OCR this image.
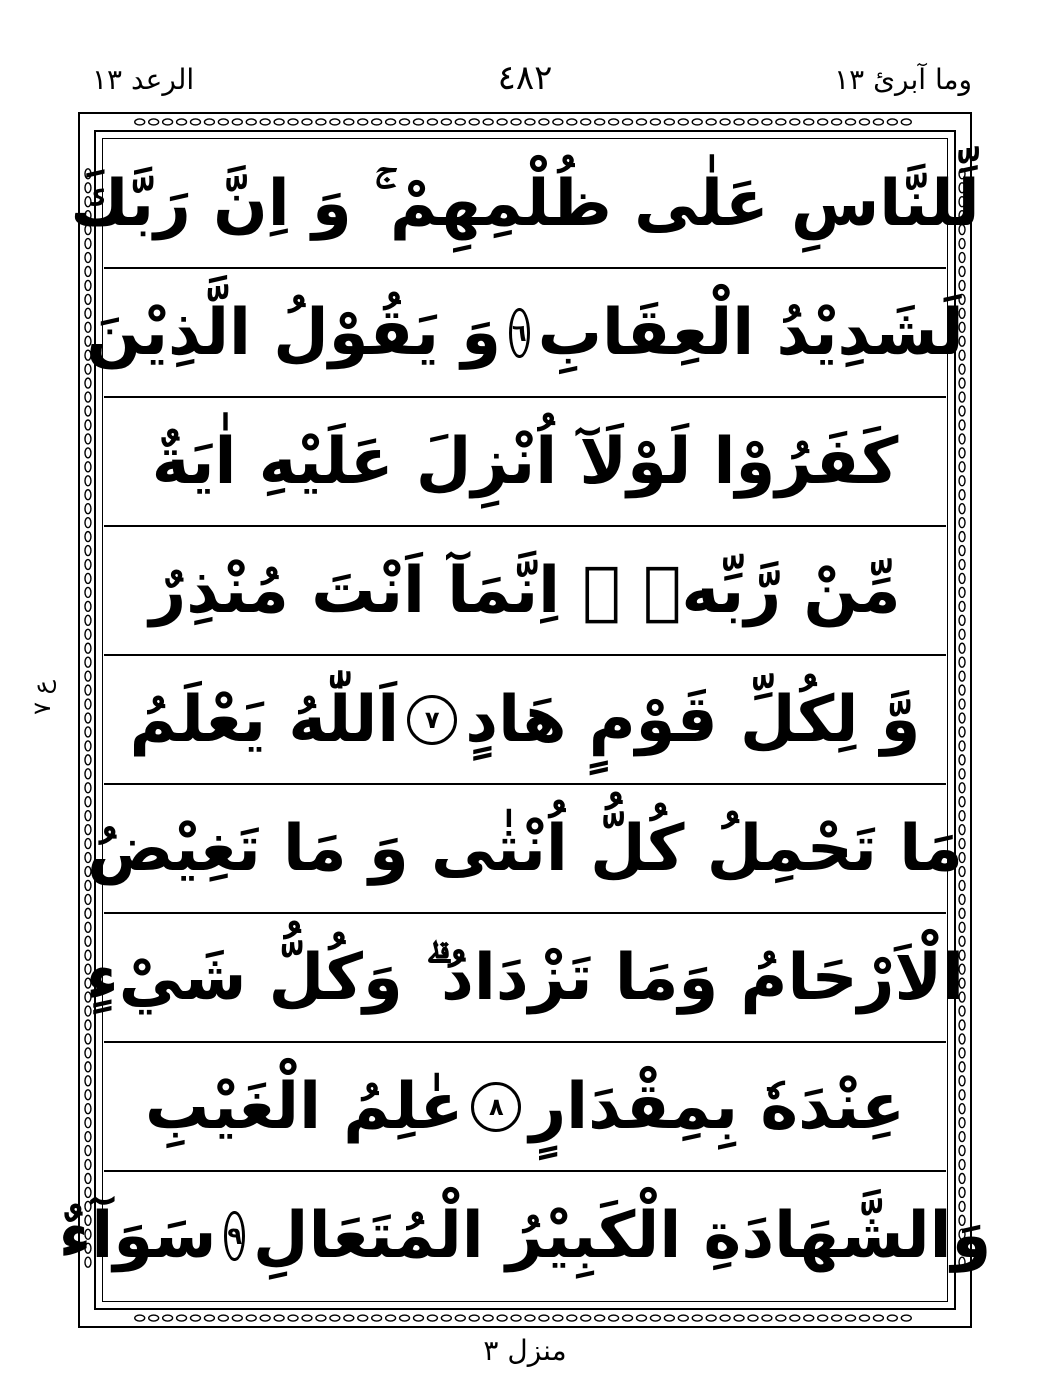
وما آبرئ ١٣
٤٨٢
الرعد ١٣
لِّلنَّاسِ عَلٰى ظُلْمِهِمْ ۚ وَ اِنَّ رَبَّكَ
لَشَدِيْدُ الْعِقَابِ
٦
وَ يَقُوْلُ الَّذِيْنَ
كَفَرُوْا لَوْلَآ اُنْزِلَ عَلَيْهِ اٰيَةٌ
مِّنْ رَّبِّهٖ ۗ اِنَّمَآ اَنْتَ مُنْذِرٌ
وَّ لِكُلِّ قَوْمٍ هَادٍ
٧
اَللّٰهُ يَعْلَمُ
مَا تَحْمِلُ كُلُّ اُنْثٰى وَ مَا تَغِيْضُ
الْاَرْحَامُ وَمَا تَزْدَادُ ۗ وَكُلُّ شَيْءٍ
عِنْدَهٗ بِمِقْدَارٍ
٨
عٰلِمُ الْغَيْبِ
وَالشَّهَادَةِ الْكَبِيْرُ الْمُتَعَالِ
٩
سَوَآءٌ
ع ٧
منزل ٣
